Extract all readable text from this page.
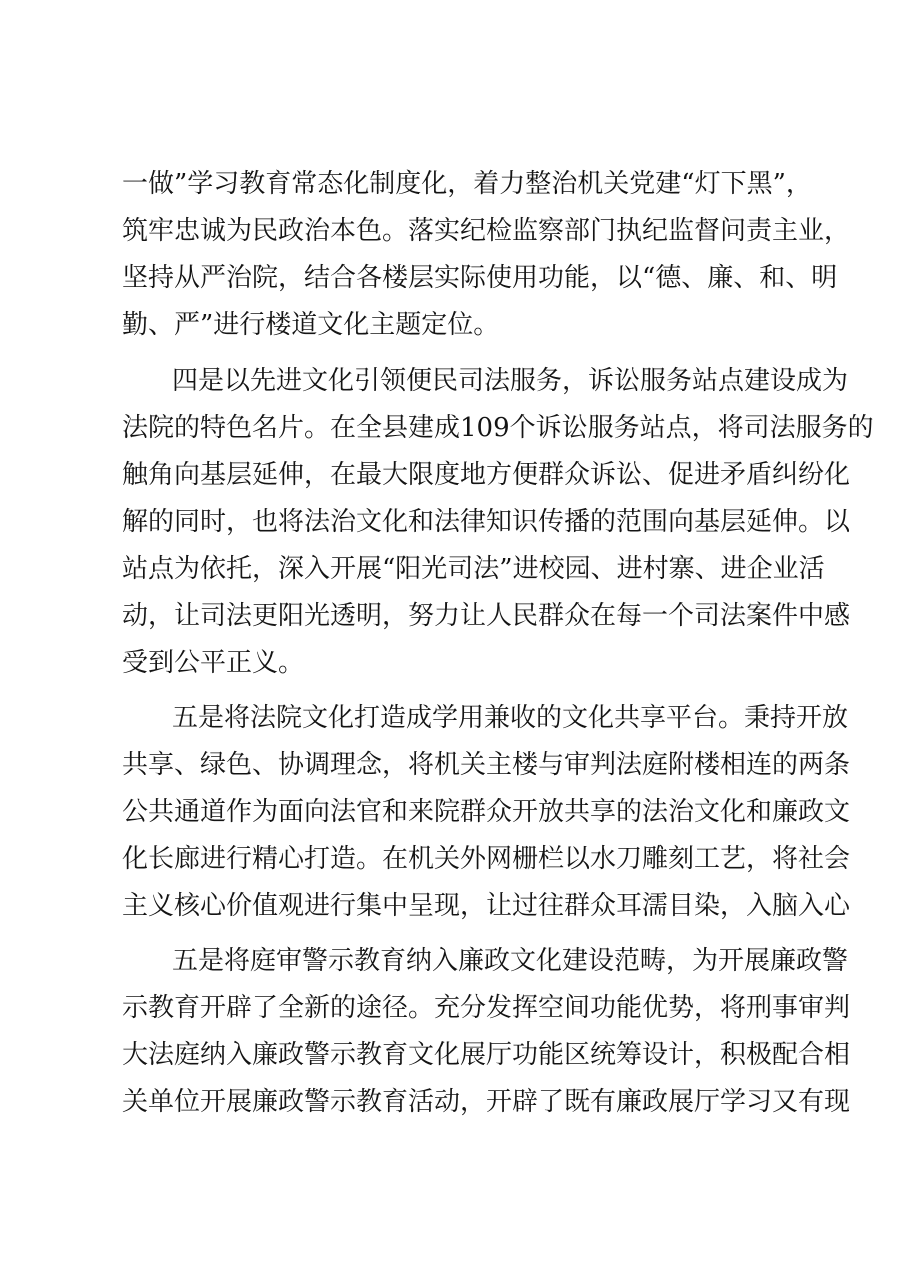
一做”学习教育常态化制度化，着力整治机关党建“灯下黑”，
筑牢忠诚为民政治本色。落实纪检监察部门执纪监督问责主业，
坚持从严治院，结合各楼层实际使用功能，以“德、廉、和、明
勤、严”进行楼道文化主题定位。
四是以先进文化引领便民司法服务，诉讼服务站点建设成为
法院的特色名片。在全县建成109个诉讼服务站点，将司法服务的
触角向基层延伸，在最大限度地方便群众诉讼、促进矛盾纠纷化
解的同时，也将法治文化和法律知识传播的范围向基层延伸。以
站点为依托，深入开展“阳光司法”进校园、进村寨、进企业活
动，让司法更阳光透明，努力让人民群众在每一个司法案件中感
受到公平正义。
五是将法院文化打造成学用兼收的文化共享平台。秉持开放
共享、绿色、协调理念，将机关主楼与审判法庭附楼相连的两条
公共通道作为面向法官和来院群众开放共享的法治文化和廉政文
化长廊进行精心打造。在机关外网栅栏以水刀雕刻工艺，将社会
主义核心价值观进行集中呈现，让过往群众耳濡目染，入脑入心
五是将庭审警示教育纳入廉政文化建设范畴，为开展廉政警
示教育开辟了全新的途径。充分发挥空间功能优势，将刑事审判
大法庭纳入廉政警示教育文化展厅功能区统筹设计，积极配合相
关单位开展廉政警示教育活动，开辟了既有廉政展厅学习又有现
